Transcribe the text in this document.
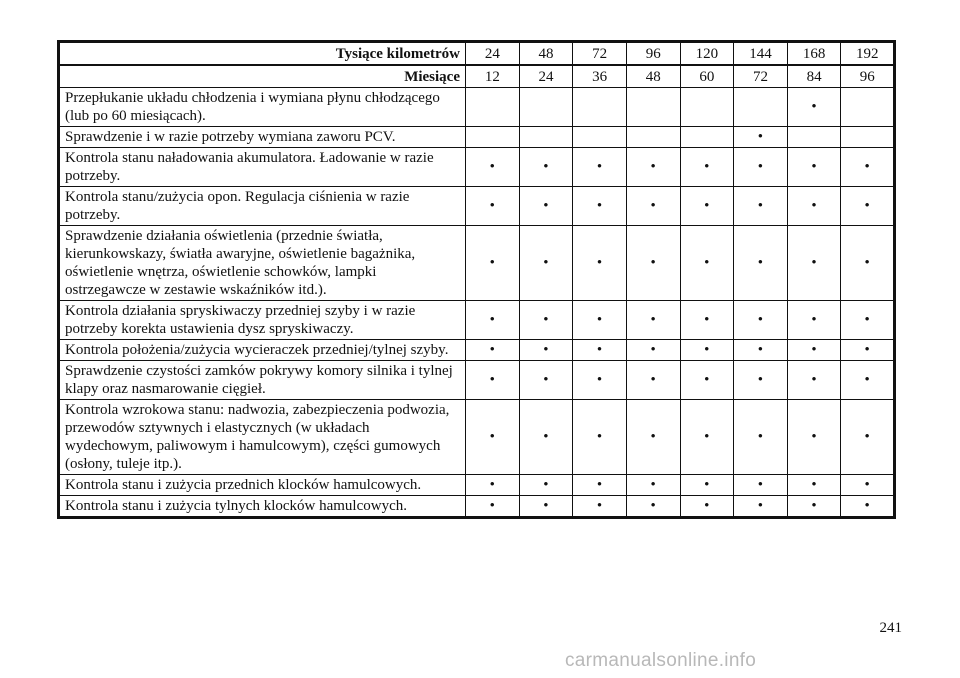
Tysiące kilometrów	24	48	72	96	120	144	168	192
Miesiące	12	24	36	48	60	72	84	96
Przepłukanie układu chłodzenia i wymiana płynu chłodzącego (lub po 60 miesiącach).							•	
Sprawdzenie i w razie potrzeby wymiana zaworu PCV.						•		
Kontrola stanu naładowania akumulatora. Ładowanie w razie potrzeby.	•	•	•	•	•	•	•	•
Kontrola stanu/zużycia opon. Regulacja ciśnienia w razie potrzeby.	•	•	•	•	•	•	•	•
Sprawdzenie działania oświetlenia (przednie światła, kierunkowskazy, światła awaryjne, oświetlenie bagażnika, oświetlenie wnętrza, oświetlenie schowków, lampki ostrzegawcze w zestawie wskaźników itd.).	•	•	•	•	•	•	•	•
Kontrola działania spryskiwaczy przedniej szyby i w razie potrzeby korekta ustawienia dysz spryskiwaczy.	•	•	•	•	•	•	•	•
Kontrola położenia/zużycia wycieraczek przedniej/tylnej szyby.	•	•	•	•	•	•	•	•
Sprawdzenie czystości zamków pokrywy komory silnika i tylnej klapy oraz nasmarowanie cięgieł.	•	•	•	•	•	•	•	•
Kontrola wzrokowa stanu: nadwozia, zabezpieczenia podwozia, przewodów sztywnych i elastycznych (w układach wydechowym, paliwowym i hamulcowym), części gumowych (osłony, tuleje itp.).	•	•	•	•	•	•	•	•
Kontrola stanu i zużycia przednich klocków hamulcowych.	•	•	•	•	•	•	•	•
Kontrola stanu i zużycia tylnych klocków hamulcowych.	•	•	•	•	•	•	•	•
241
carmanualsonline.info
